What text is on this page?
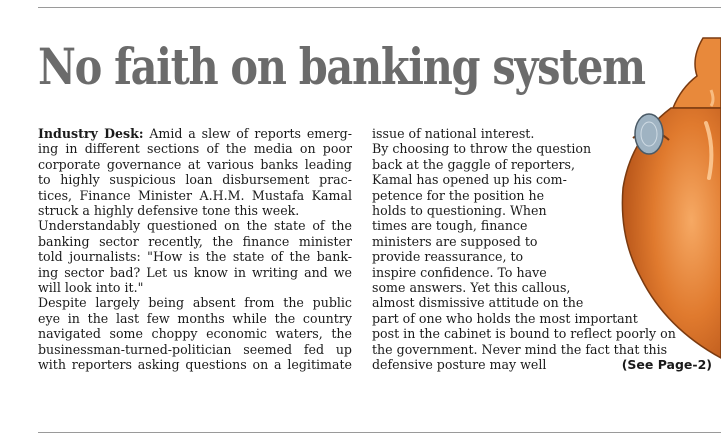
No faith on banking system
Industry Desk: Amid a slew of reports emerg-
ing in different sections of the media on poor
corporate governance at various banks leading
to highly suspicious loan disbursement prac-
tices, Finance Minister A.H.M. Mustafa Kamal
struck a highly defensive tone this week.
Understandably questioned on the state of the
banking sector recently, the finance minister
told journalists: "How is the state of the bank-
ing sector bad? Let us know in writing and we
will look into it."
Despite largely being absent from the public
eye in the last few months while the country
navigated some choppy economic waters, the
businessman-turned-politician seemed fed up
with reporters asking questions on a legitimate
issue of national interest.
By choosing to throw the question
back at the gaggle of reporters,
Kamal has opened up his com-
petence for the position he
holds to questioning. When
times are tough, finance
ministers are supposed to
provide reassurance, to
inspire confidence. To have
some answers. Yet this callous,
almost dismissive attitude on the
part of one who holds the most important
post in the cabinet is bound to reflect poorly on
the government. Never mind the fact that this
defensive posture may well	(See Page-2)
